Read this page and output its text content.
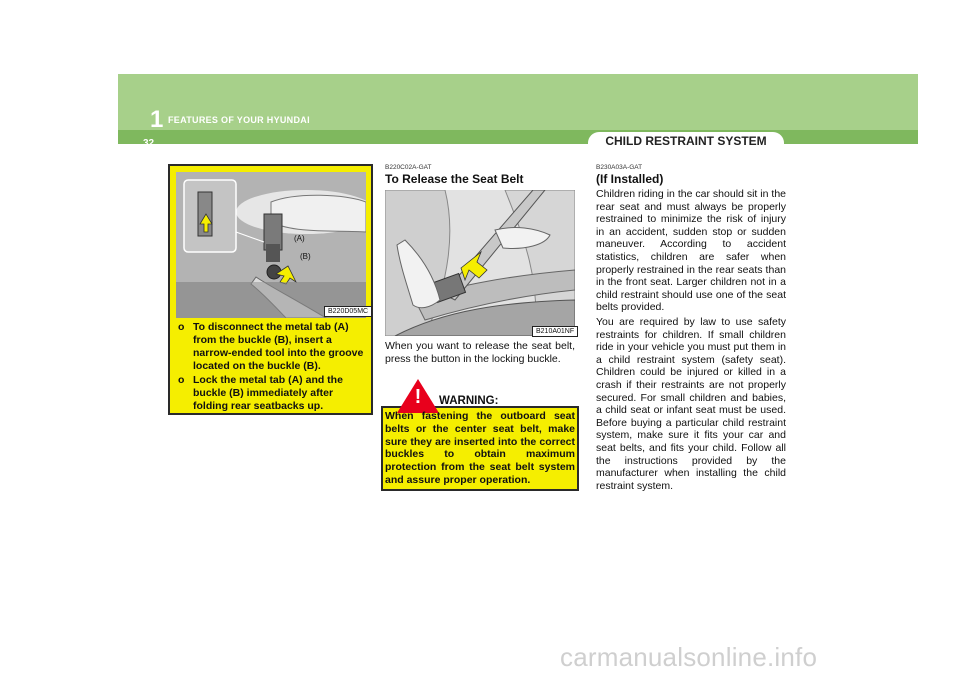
1 FEATURES OF YOUR HYUNDAI
32	CHILD RESTRAINT SYSTEM
(A)
(B)
B220D05MC
o To disconnect the metal tab (A) from the buckle (B), insert a narrow-ended tool into the groove located on the buckle (B).
o Lock the metal tab (A) and the buckle (B) immediately after folding rear seatbacks up.
B220C02A-GAT
To Release the Seat Belt
B210A01NF
When you want to release the seat belt, press the button in the locking buckle.
!	WARNING:
When fastening the outboard seat belts or the center seat belt, make sure they are inserted into the correct buckles to obtain maximum protection from the seat belt system and assure proper operation.
B230A03A-GAT
(If Installed)
Children riding in the car should sit in the rear seat and must always be properly restrained to minimize the risk of injury in an accident, sudden stop or sudden maneuver. According to accident statistics, children are safer when properly restrained in the rear seats than in the front seat. Larger children not in a child restraint should use one of the seat belts provided.
You are required by law to use safety restraints for children. If small children ride in your vehicle you must put them in a child restraint system (safety seat). Children could be injured or killed in a crash if their restraints are not properly secured. For small children and babies, a child seat or infant seat must be used. Before buying a particular child restraint system, make sure it fits your car and seat belts, and fits your child. Follow all the instructions provided by the manufacturer when installing the child restraint system.
carmanualsonline.info
